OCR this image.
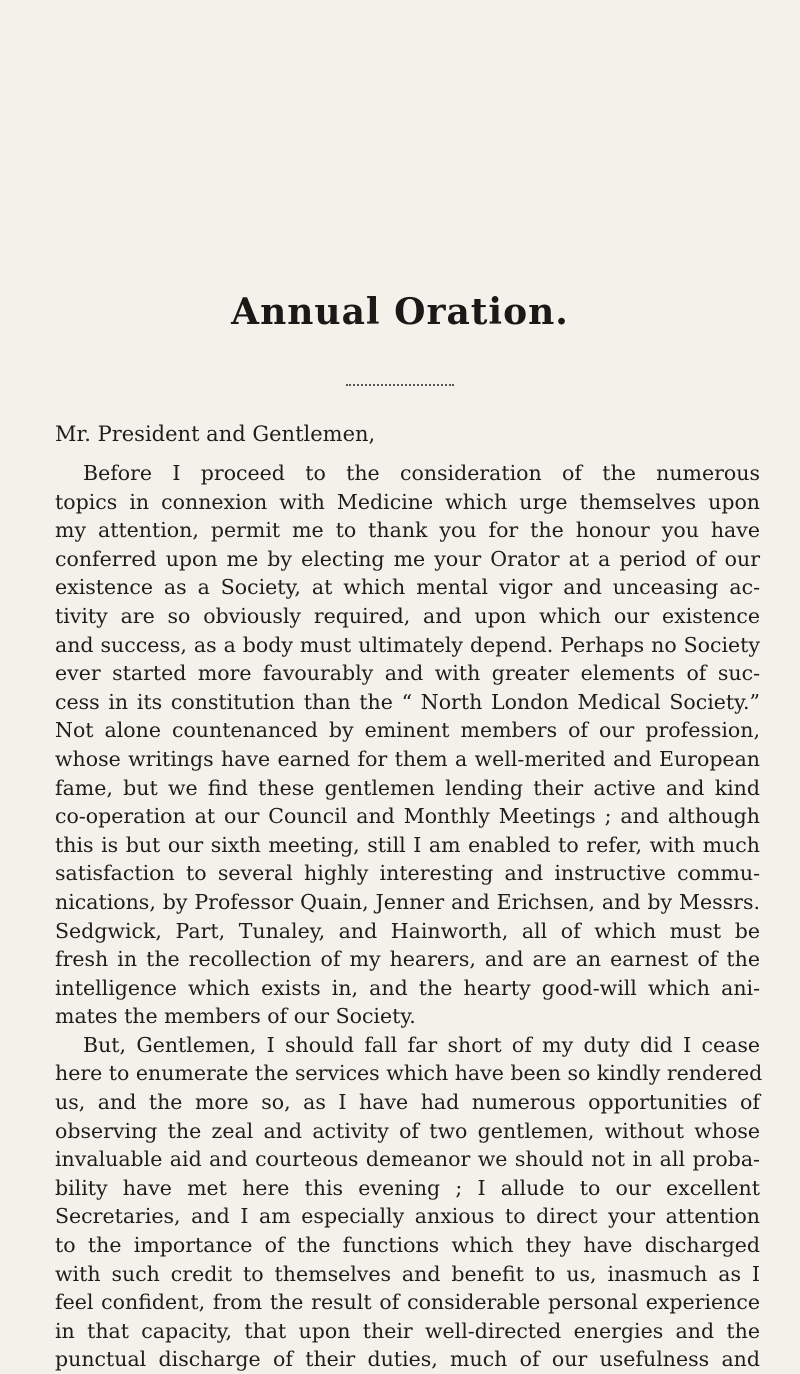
Annual Oration.
Mr. President and Gentlemen,
Before I proceed to the consideration of the numerous
topics in connexion with Medicine which urge themselves upon
my attention, permit me to thank you for the honour you have
conferred upon me by electing me your Orator at a period of our
existence as a Society, at which mental vigor and unceasing ac-
tivity are so obviously required, and upon which our existence
and success, as a body must ultimately depend. Perhaps no Society
ever started more favourably and with greater elements of suc-
cess in its constitution than the “ North London Medical Society.”
Not alone countenanced by eminent members of our profession,
whose writings have earned for them a well-merited and European
fame, but we find these gentlemen lending their active and kind
co-operation at our Council and Monthly Meetings ; and although
this is but our sixth meeting, still I am enabled to refer, with much
satisfaction to several highly interesting and instructive commu-
nications, by Professor Quain, Jenner and Erichsen, and by Messrs.
Sedgwick, Part, Tunaley, and Hainworth, all of which must be
fresh in the recollection of my hearers, and are an earnest of the
intelligence which exists in, and the hearty good-will which ani-
mates the members of our Society.
But, Gentlemen, I should fall far short of my duty did I cease
here to enumerate the services which have been so kindly rendered
us, and the more so, as I have had numerous opportunities of
observing the zeal and activity of two gentlemen, without whose
invaluable aid and courteous demeanor we should not in all proba-
bility have met here this evening ; I allude to our excellent
Secretaries, and I am especially anxious to direct your attention
to the importance of the functions which they have discharged
with such credit to themselves and benefit to us, inasmuch as I
feel confident, from the result of considerable personal experience
in that capacity, that upon their well-directed energies and the
punctual discharge of their duties, much of our usefulness and
